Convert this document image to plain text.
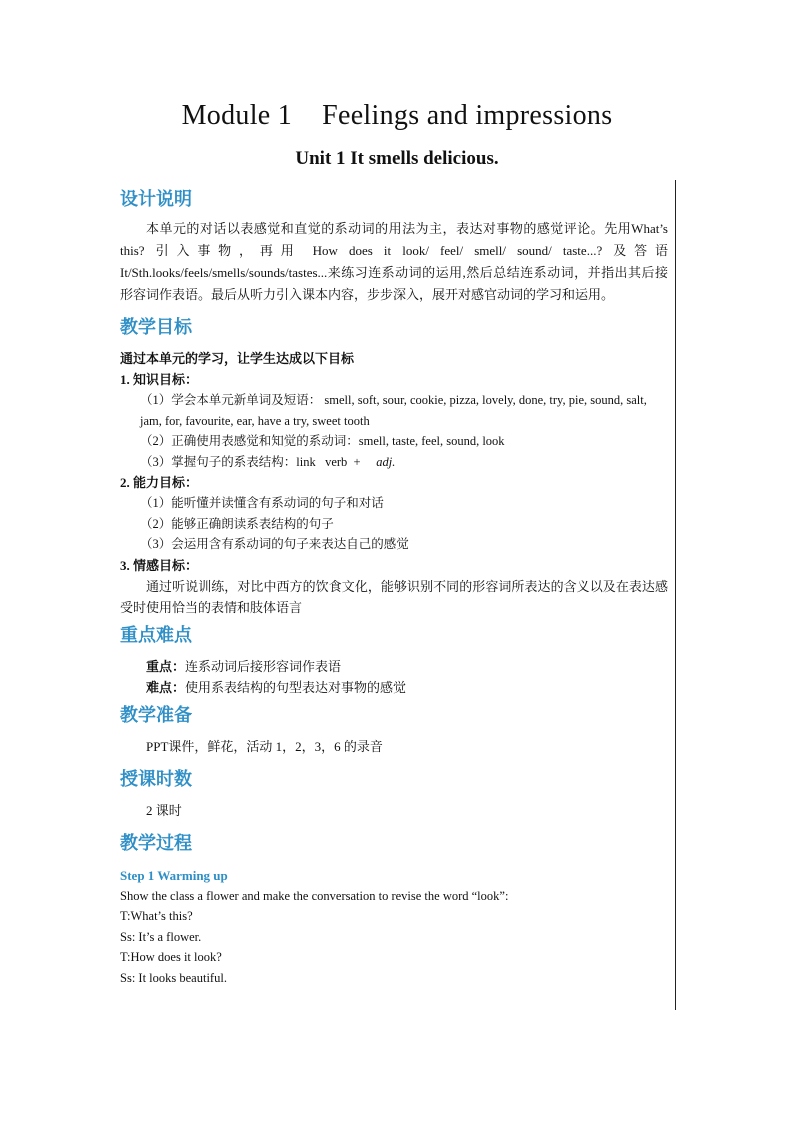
Module 1 Feelings and impressions
Unit 1 It smells delicious.

设计说明

本单元的对话以表感觉和直觉的系动词的用法为主，表达对事物的感觉评论。先用What’s this? 引入事物，再用 How does it look/ feel/ smell/ sound/ taste...? 及答语It/Sth.looks/feels/smells/sounds/tastes...来练习连系动词的运用,然后总结连系动词，并指出其后接形容词作表语。最后从听力引入课本内容，步步深入，展开对感官动词的学习和运用。

教学目标

通过本单元的学习，让学生达成以下目标

1. 知识目标：

（1）学会本单元新单词及短语： smell, soft, sour, cookie, pizza, lovely, done, try, pie, sound, salt, jam, for, favourite, ear, have a try, sweet tooth

（2）正确使用表感觉和知觉的系动词：smell, taste, feel, sound, look

（3）掌握句子的系表结构：link   verb  +     adj.

2. 能力目标：

（1）能听懂并读懂含有系动词的句子和对话

（2）能够正确朗读系表结构的句子

（3）会运用含有系动词的句子来表达自己的感觉

3. 情感目标：

通过听说训练，对比中西方的饮食文化，能够识别不同的形容词所表达的含义以及在表达感受时使用恰当的表情和肢体语言

重点难点

重点：连系动词后接形容词作表语

难点：使用系表结构的句型表达对事物的感觉

教学准备

PPT课件，鲜花，活动 1，2，3，6 的录音

授课时数

2 课时

教学过程

Step 1 Warming up

Show the class a flower and make the conversation to revise the word “look”:

T:What’s this?

Ss: It’s a flower.

T:How does it look?

Ss: It looks beautiful.
